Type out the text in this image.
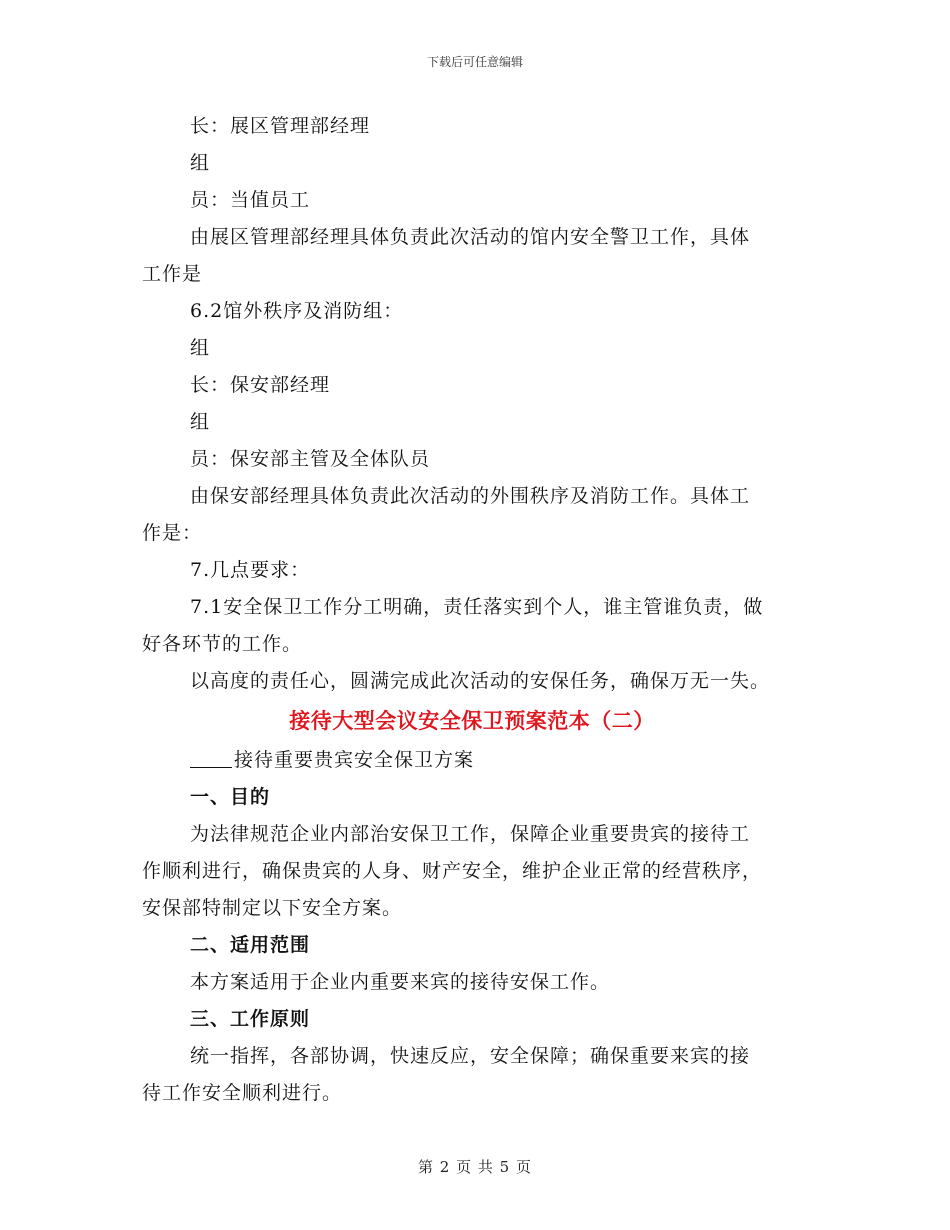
下载后可任意编辑
长：展区管理部经理
组
员：当值员工
由展区管理部经理具体负责此次活动的馆内安全警卫工作，具体
工作是
6.2馆外秩序及消防组：
组
长：保安部经理
组
员：保安部主管及全体队员
由保安部经理具体负责此次活动的外围秩序及消防工作。具体工
作是：
7.几点要求：
7.1安全保卫工作分工明确，责任落实到个人，谁主管谁负责，做
好各环节的工作。
以高度的责任心，圆满完成此次活动的安保任务，确保万无一失。
接待大型会议安全保卫预案范本（二）
接待重要贵宾安全保卫方案
一、目的
为法律规范企业内部治安保卫工作，保障企业重要贵宾的接待工
作顺利进行，确保贵宾的人身、财产安全，维护企业正常的经营秩序，
安保部特制定以下安全方案。
二、适用范围
本方案适用于企业内重要来宾的接待安保工作。
三、工作原则
统一指挥，各部协调，快速反应，安全保障；确保重要来宾的接
待工作安全顺利进行。
第 2 页 共 5 页
